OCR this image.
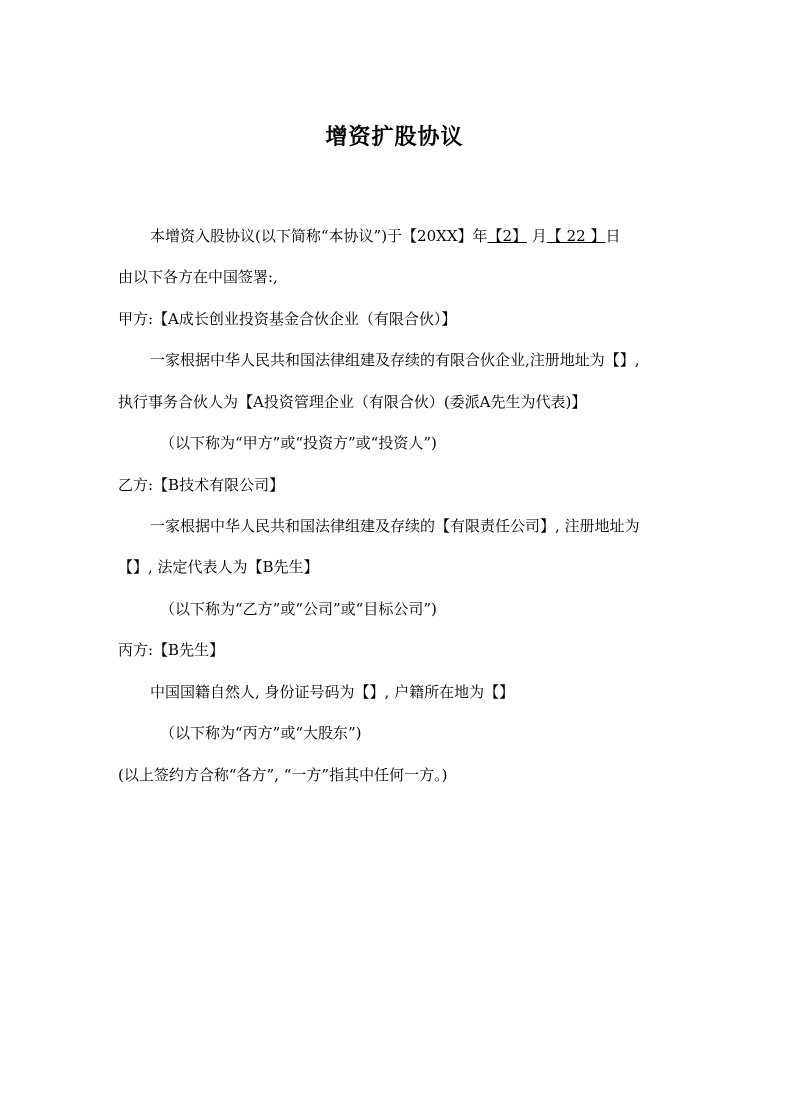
增资扩股协议
本增资入股协议(以下简称“本协议”)于【20XX】年【2】 月【 22 】日
由以下各方在中国签署:,
甲方:【A成长创业投资基金合伙企业（有限合伙）】
一家根据中华人民共和国法律组建及存续的有限合伙企业,注册地址为【】,
执行事务合伙人为【A投资管理企业（有限合伙）(委派A先生为代表)】
（以下称为“甲方”或“投资方”或“投资人”)
乙方:【B技术有限公司】
一家根据中华人民共和国法律组建及存续的【有限责任公司】, 注册地址为
【】, 法定代表人为【B先生】
（以下称为“乙方”或“公司”或“目标公司”)
丙方:【B先生】
中国国籍自然人, 身份证号码为【】, 户籍所在地为【】
（以下称为“丙方”或“大股东”)
(以上签约方合称“各方”, “一方”指其中任何一方。)
